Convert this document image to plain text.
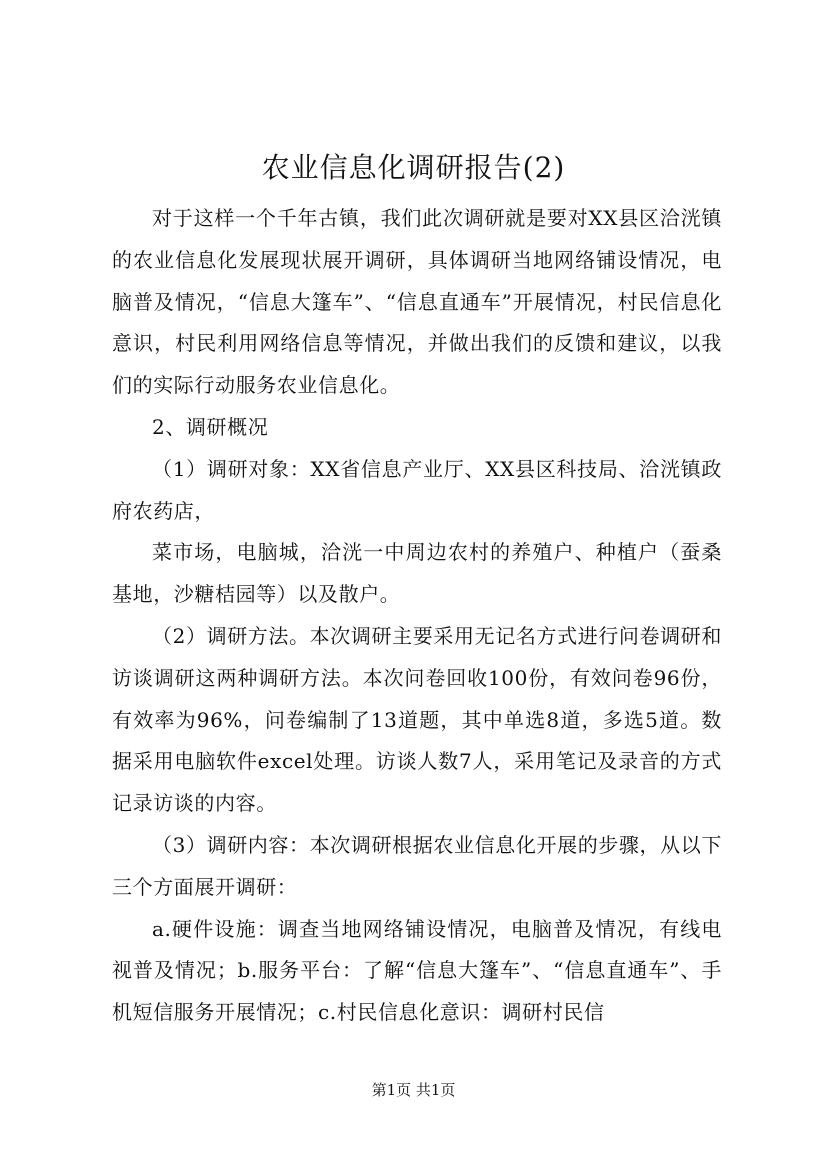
农业信息化调研报告(2)

对于这样一个千年古镇，我们此次调研就是要对XX县区洽洸镇的农业信息化发展现状展开调研，具体调研当地网络铺设情况，电脑普及情况，“信息大篷车”、“信息直通车”开展情况，村民信息化意识，村民利用网络信息等情况，并做出我们的反馈和建议，以我们的实际行动服务农业信息化。

2、调研概况

（1）调研对象：XX省信息产业厅、XX县区科技局、洽洸镇政府农药店，

菜市场，电脑城，洽洸一中周边农村的养殖户、种植户（蚕桑基地，沙糖桔园等）以及散户。

（2）调研方法。本次调研主要采用无记名方式进行问卷调研和访谈调研这两种调研方法。本次问卷回收100份，有效问卷96份，有效率为96%，问卷编制了13道题，其中单选8道，多选5道。数据采用电脑软件excel处理。访谈人数7人，采用笔记及录音的方式记录访谈的内容。

（3）调研内容：本次调研根据农业信息化开展的步骤，从以下三个方面展开调研：

a.硬件设施：调查当地网络铺设情况，电脑普及情况，有线电视普及情况；b.服务平台：了解“信息大篷车”、“信息直通车”、手机短信服务开展情况；c.村民信息化意识：调研村民信

第1页 共1页
